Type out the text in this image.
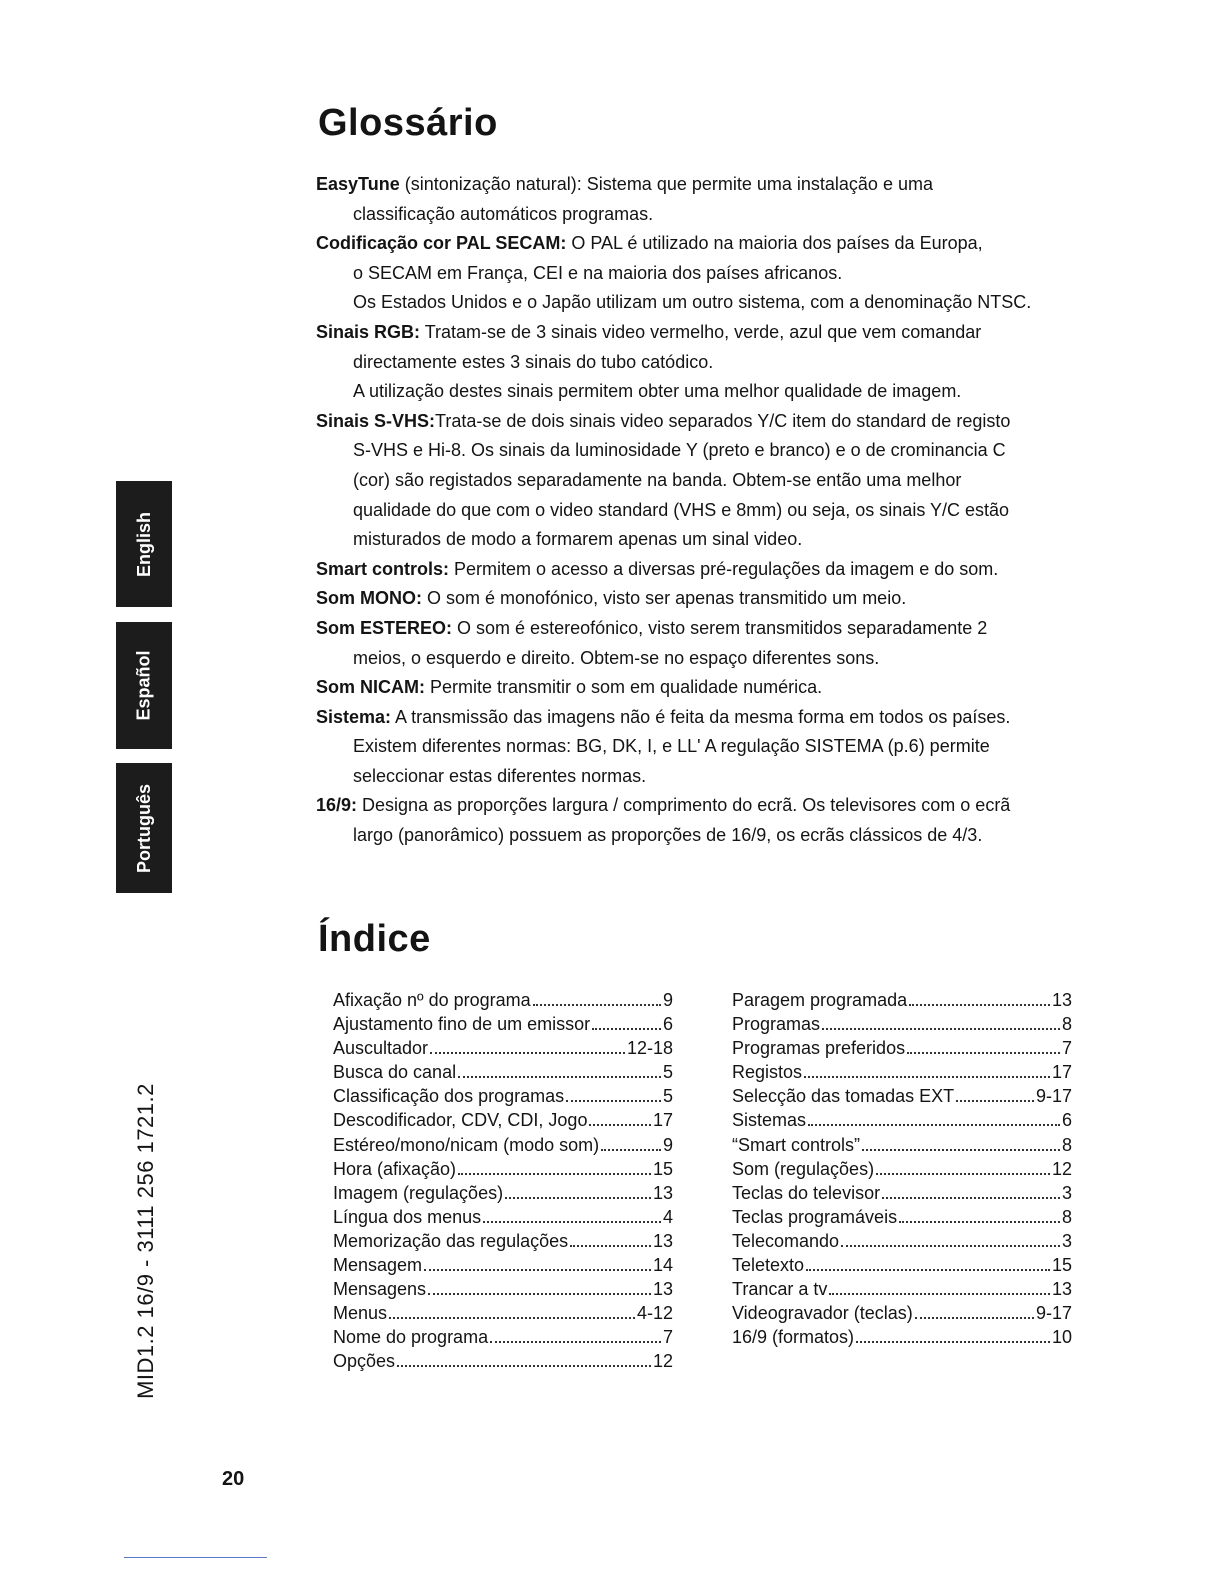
Glossário

EasyTune (sintonização natural): Sistema que permite uma instalação e uma

classificação automáticos programas.

Codificação cor PAL SECAM: O PAL é utilizado na maioria dos países da Europa,

o SECAM em França, CEI e na maioria dos países africanos.

Os Estados Unidos e o Japão utilizam um outro sistema, com a denominação NTSC.

Sinais RGB: Tratam-se de 3 sinais video vermelho, verde, azul que vem comandar

directamente estes 3 sinais do tubo catódico.

A utilização destes sinais permitem obter uma melhor qualidade de imagem.

Sinais S-VHS:Trata-se de dois sinais video separados Y/C item do standard de registo

S-VHS e Hi-8. Os sinais da luminosidade Y (preto e branco) e o de crominancia C

(cor) são registados separadamente na banda. Obtem-se então uma melhor

qualidade do que com o video standard (VHS e 8mm) ou seja, os sinais Y/C estão

misturados de modo a formarem apenas um sinal video.

Smart controls: Permitem o acesso a diversas pré-regulações da imagem e do som.

Som MONO: O som é monofónico, visto ser apenas transmitido um meio.

Som ESTEREO: O som é estereofónico, visto serem transmitidos separadamente 2

meios, o esquerdo e direito. Obtem-se no espaço diferentes sons.

Som NICAM: Permite transmitir o som em qualidade numérica.

Sistema: A transmissão das imagens não é feita da mesma forma em todos os países.

Existem diferentes normas: BG, DK, I, e LL' A regulação SISTEMA (p.6) permite

seleccionar estas diferentes normas.

16/9: Designa as proporções largura / comprimento do ecrã. Os televisores com o ecrã

largo (panorâmico) possuem as proporções de 16/9, os ecrãs clássicos de 4/3.

Índice
Afixação nº do programa	9
Ajustamento fino de um emissor	6
Auscultador	12-18
Busca do canal	5
Classificação dos programas	5
Descodificador, CDV, CDI, Jogo	17
Estéreo/mono/nicam (modo som)	9
Hora (afixação)	15
Imagem (regulações)	13
Língua dos menus	4
Memorização das regulações	13
Mensagem	14
Mensagens	13
Menus	4-12
Nome do programa	7
Opções	12
Paragem programada	13
Programas	8
Programas preferidos	7
Registos	17
Selecção das tomadas EXT	9-17
Sistemas	6
“Smart controls”	8
Som (regulações)	12
Teclas do televisor	3
Teclas programáveis	8
Telecomando	3
Teletexto	15
Trancar a tv	13
Videogravador (teclas)	9-17
16/9 (formatos)	10
English
Español
Português
MID1.2 16/9 - 3111 256 1721.2
20
